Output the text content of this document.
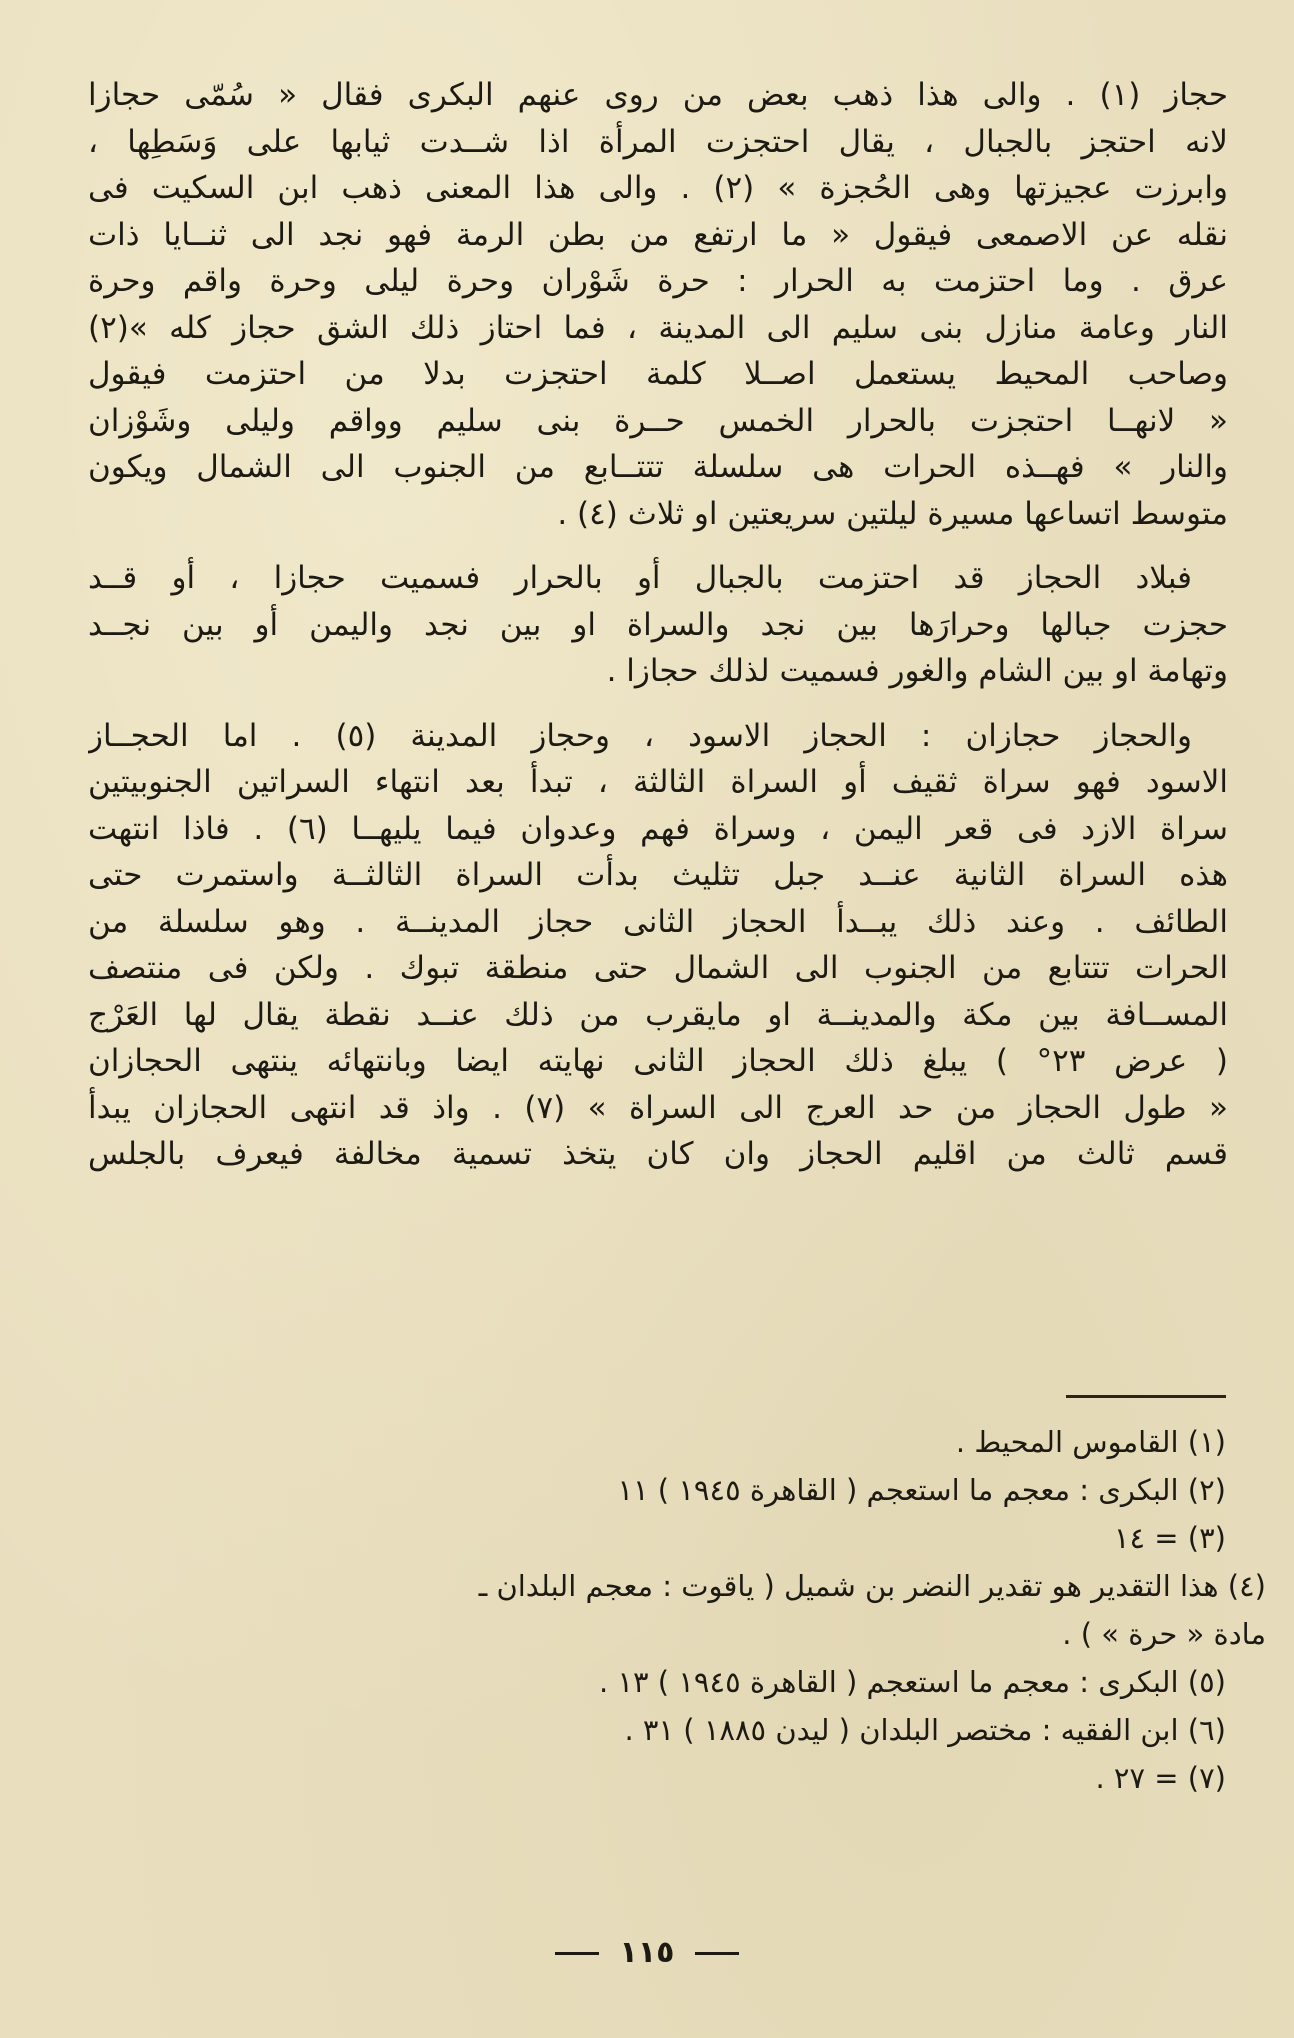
حجاز (١) . والى هذا ذهب بعض من روى عنهم البكرى فقال « سُمّى حجازا
لانه احتجز بالجبال ، يقال احتجزت المرأة اذا شــدت ثيابها على وَسَطِها ،
وابرزت عجيزتها وهى الحُجزة » (٢) . والى هذا المعنى ذهب ابن السكيت فى
نقله عن الاصمعى فيقول « ما ارتفع من بطن الرمة فهو نجد الى ثنــايا ذات
عرق . وما احتزمت به الحرار : حرة شَوْران وحرة ليلى وحرة واقم وحرة
النار وعامة منازل بنى سليم الى المدينة ، فما احتاز ذلك الشق حجاز كله »(٢)
وصاحب المحيط يستعمل اصــلا كلمة احتجزت بدلا من احتزمت فيقول
« لانهــا احتجزت بالحرار الخمس حــرة بنى سليم وواقم وليلى وشَوْزان
والنار » فهــذه الحرات هى سلسلة تتتــابع من الجنوب الى الشمال ويكون
متوسط اتساعها مسيرة ليلتين سريعتين او ثلاث (٤) .
فبلاد الحجاز قد احتزمت بالجبال أو بالحرار فسميت حجازا ، أو قــد
حجزت جبالها وحرارَها بين نجد والسراة او بين نجد واليمن أو بين نجــد
وتهامة او بين الشام والغور فسميت لذلك حجازا .
والحجاز حجازان : الحجاز الاسود ، وحجاز المدينة (٥) . اما الحجــاز
الاسود فهو سراة ثقيف أو السراة الثالثة ، تبدأ بعد انتهاء السراتين الجنوبيتين
سراة الازد فى قعر اليمن ، وسراة فهم وعدوان فيما يليهــا (٦) . فاذا انتهت
هذه السراة الثانية عنــد جبل تثليث بدأت السراة الثالثــة واستمرت حتى
الطائف . وعند ذلك يبــدأ الحجاز الثانى حجاز المدينــة . وهو سلسلة من
الحرات تتتابع من الجنوب الى الشمال حتى منطقة تبوك . ولكن فى منتصف
المســافة بين مكة والمدينــة او مايقرب من ذلك عنــد نقطة يقال لها العَرْج
( عرض ٢٣° ) يبلغ ذلك الحجاز الثانى نهايته ايضا وبانتهائه ينتهى الحجازان
« طول الحجاز من حد العرج الى السراة » (٧) . واذ قد انتهى الحجازان يبدأ
قسم ثالث من اقليم الحجاز وان كان يتخذ تسمية مخالفة فيعرف بالجلس
(١) القاموس المحيط .
(٢) البكرى : معجم ما استعجم ( القاهرة ١٩٤٥ ) ١١
(٣) = ١٤
(٤) هذا التقدير هو تقدير النضر بن شميل ( ياقوت : معجم البلدان ـ
مادة « حرة » ) .
(٥) البكرى : معجم ما استعجم ( القاهرة ١٩٤٥ ) ١٣ .
(٦) ابن الفقيه : مختصر البلدان ( ليدن ١٨٨٥ ) ٣١ .
(٧) = ٢٧ .
١١٥
